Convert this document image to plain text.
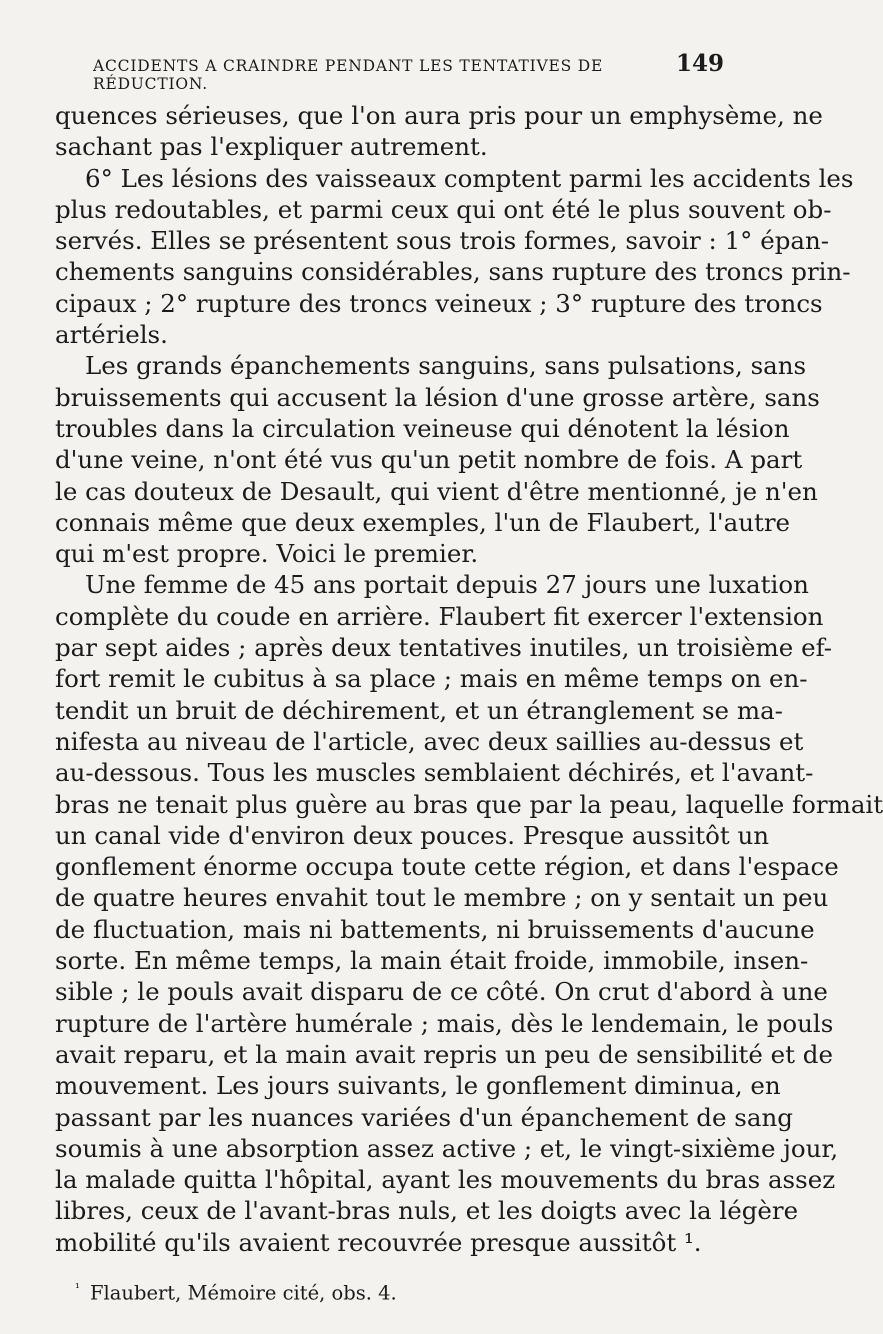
ACCIDENTS A CRAINDRE PENDANT LES TENTATIVES DE RÉDUCTION.
149
quences sérieuses, que l'on aura pris pour un emphysème, ne
sachant pas l'expliquer autrement.
6° Les lésions des vaisseaux comptent parmi les accidents les
plus redoutables, et parmi ceux qui ont été le plus souvent ob-
servés. Elles se présentent sous trois formes, savoir : 1° épan-
chements sanguins considérables, sans rupture des troncs prin-
cipaux ; 2° rupture des troncs veineux ; 3° rupture des troncs
artériels.
Les grands épanchements sanguins, sans pulsations, sans
bruissements qui accusent la lésion d'une grosse artère, sans
troubles dans la circulation veineuse qui dénotent la lésion
d'une veine, n'ont été vus qu'un petit nombre de fois. A part
le cas douteux de Desault, qui vient d'être mentionné, je n'en
connais même que deux exemples, l'un de Flaubert, l'autre
qui m'est propre. Voici le premier.
Une femme de 45 ans portait depuis 27 jours une luxation
complète du coude en arrière. Flaubert fit exercer l'extension
par sept aides ; après deux tentatives inutiles, un troisième ef-
fort remit le cubitus à sa place ; mais en même temps on en-
tendit un bruit de déchirement, et un étranglement se ma-
nifesta au niveau de l'article, avec deux saillies au-dessus et
au-dessous. Tous les muscles semblaient déchirés, et l'avant-
bras ne tenait plus guère au bras que par la peau, laquelle formait
un canal vide d'environ deux pouces. Presque aussitôt un
gonflement énorme occupa toute cette région, et dans l'espace
de quatre heures envahit tout le membre ; on y sentait un peu
de fluctuation, mais ni battements, ni bruissements d'aucune
sorte. En même temps, la main était froide, immobile, insen-
sible ; le pouls avait disparu de ce côté. On crut d'abord à une
rupture de l'artère humérale ; mais, dès le lendemain, le pouls
avait reparu, et la main avait repris un peu de sensibilité et de
mouvement. Les jours suivants, le gonflement diminua, en
passant par les nuances variées d'un épanchement de sang
soumis à une absorption assez active ; et, le vingt-sixième jour,
la malade quitta l'hôpital, ayant les mouvements du bras assez
libres, ceux de l'avant-bras nuls, et les doigts avec la légère
mobilité qu'ils avaient recouvrée presque aussitôt ¹.
$^{^1}$ Flaubert, Mémoire cité, obs. 4.
